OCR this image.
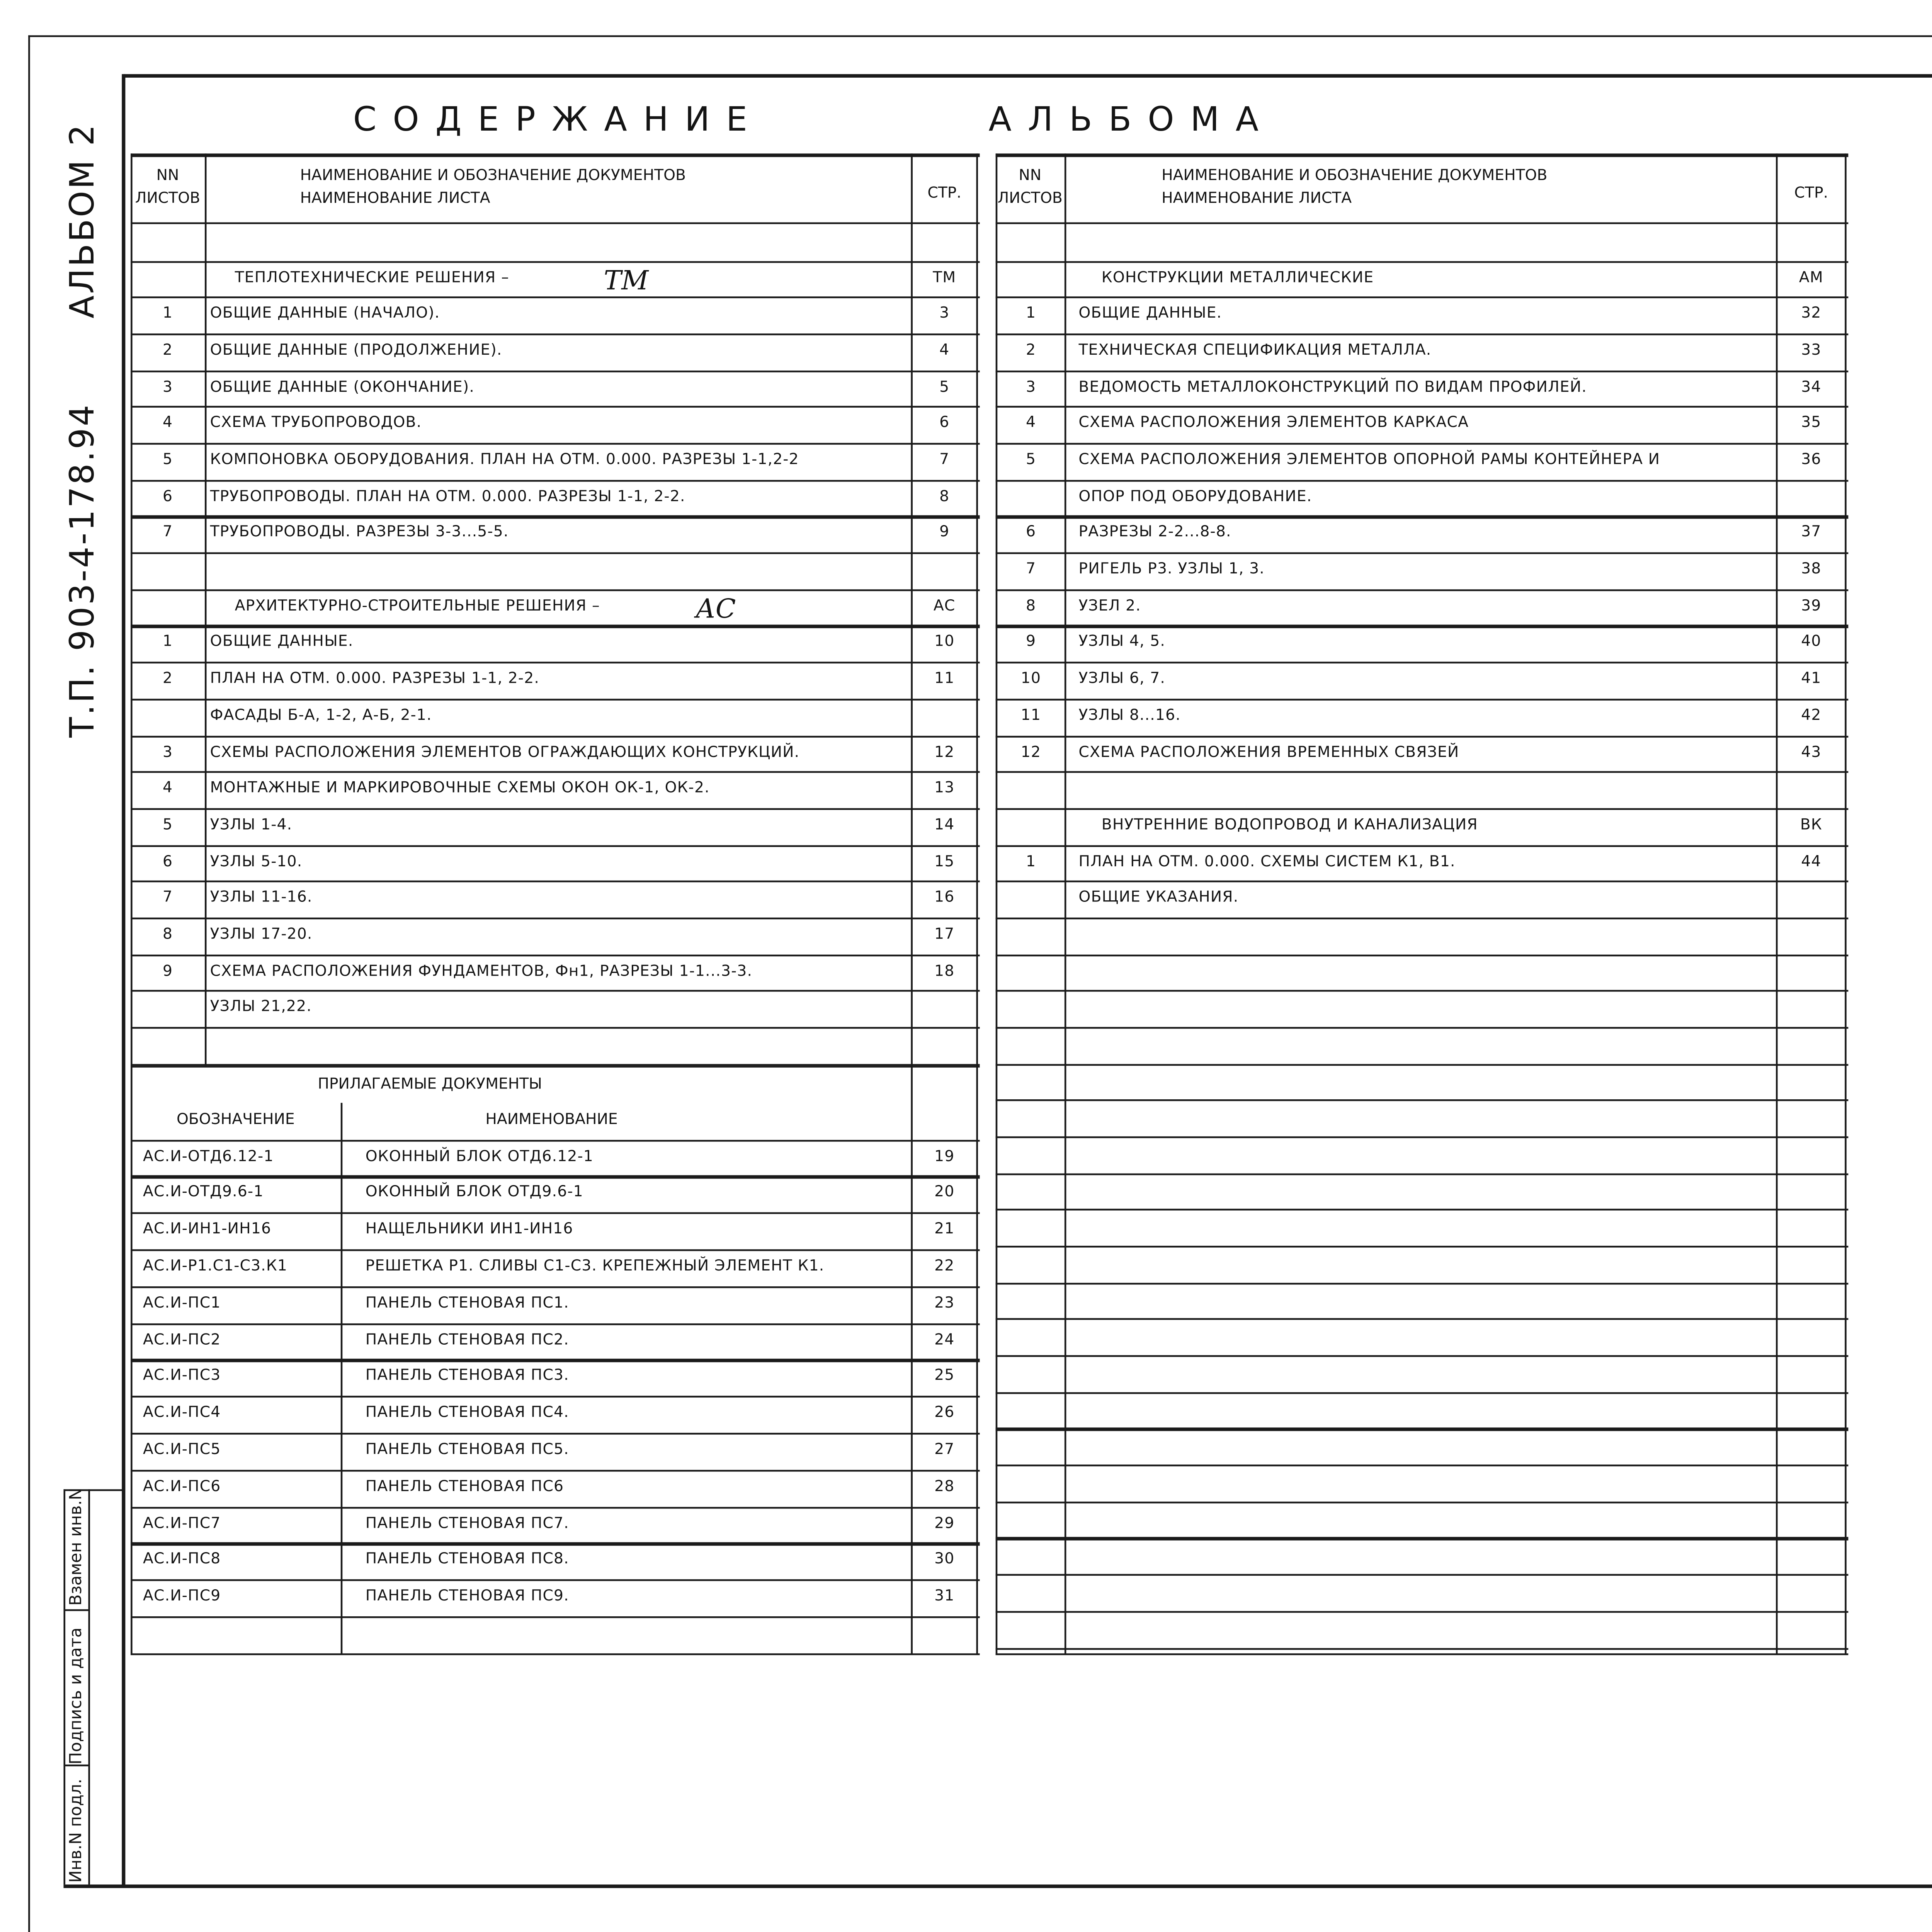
Т.П. 903-4-178.94АЛЬБОМ 2
Взамен инв.N
Подпись и дата
Инв.N подл.
СОДЕРЖАНИЕ	АЛЬБОМА
NN
ЛИСТОВ
НАИМЕНОВАНИЕ И ОБОЗНАЧЕНИЕ ДОКУМЕНТОВ
НАИМЕНОВАНИЕ ЛИСТА	СТР.
ТЕПЛОТЕХНИЧЕСКИЕ РЕШЕНИЯ –	ТМ
1	ОБЩИЕ ДАННЫЕ (НАЧАЛО).	3
2	ОБЩИЕ ДАННЫЕ (ПРОДОЛЖЕНИЕ).	4
3	ОБЩИЕ ДАННЫЕ (ОКОНЧАНИЕ).	5
4	СХЕМА ТРУБОПРОВОДОВ.	6
5	КОМПОНОВКА ОБОРУДОВАНИЯ. ПЛАН НА ОТМ. 0.000. РАЗРЕЗЫ 1-1,2-2	7
6	ТРУБОПРОВОДЫ. ПЛАН НА ОТМ. 0.000. РАЗРЕЗЫ 1-1, 2-2.	8
7	ТРУБОПРОВОДЫ. РАЗРЕЗЫ 3-3...5-5.	9
АРХИТЕКТУРНО-СТРОИТЕЛЬНЫЕ РЕШЕНИЯ –	АС
1	ОБЩИЕ ДАННЫЕ.	10
2	ПЛАН НА ОТМ. 0.000. РАЗРЕЗЫ 1-1, 2-2.	11
ФАСАДЫ Б-А, 1-2, А-Б, 2-1.
3	СХЕМЫ РАСПОЛОЖЕНИЯ ЭЛЕМЕНТОВ ОГРАЖДАЮЩИХ КОНСТРУКЦИЙ.	12
4	МОНТАЖНЫЕ И МАРКИРОВОЧНЫЕ СХЕМЫ ОКОН ОК-1, ОК-2.	13
5	УЗЛЫ 1-4.	14
6	УЗЛЫ 5-10.	15
7	УЗЛЫ 11-16.	16
8	УЗЛЫ 17-20.	17
9	СХЕМА РАСПОЛОЖЕНИЯ ФУНДАМЕНТОВ, Фн1, РАЗРЕЗЫ 1-1...3-3.	18
УЗЛЫ 21,22.
ПРИЛАГАЕМЫЕ ДОКУМЕНТЫ
ОБОЗНАЧЕНИЕ	НАИМЕНОВАНИЕ
АС.И-ОТД6.12-1	ОКОННЫЙ БЛОК ОТД6.12-1	19
АС.И-ОТД9.6-1	ОКОННЫЙ БЛОК ОТД9.6-1	20
АС.И-ИН1-ИН16	НАЩЕЛЬНИКИ ИН1-ИН16	21
АС.И-Р1.С1-С3.К1	РЕШЕТКА Р1. СЛИВЫ С1-С3. КРЕПЕЖНЫЙ ЭЛЕМЕНТ К1.	22
АС.И-ПС1	ПАНЕЛЬ СТЕНОВАЯ ПС1.	23
АС.И-ПС2	ПАНЕЛЬ СТЕНОВАЯ ПС2.	24
АС.И-ПС3	ПАНЕЛЬ СТЕНОВАЯ ПС3.	25
АС.И-ПС4	ПАНЕЛЬ СТЕНОВАЯ ПС4.	26
АС.И-ПС5	ПАНЕЛЬ СТЕНОВАЯ ПС5.	27
АС.И-ПС6	ПАНЕЛЬ СТЕНОВАЯ ПС6	28
АС.И-ПС7	ПАНЕЛЬ СТЕНОВАЯ ПС7.	29
АС.И-ПС8	ПАНЕЛЬ СТЕНОВАЯ ПС8.	30
АС.И-ПС9	ПАНЕЛЬ СТЕНОВАЯ ПС9.	31
NN
ЛИСТОВ
НАИМЕНОВАНИЕ И ОБОЗНАЧЕНИЕ ДОКУМЕНТОВ
НАИМЕНОВАНИЕ ЛИСТА	СТР.
КОНСТРУКЦИИ МЕТАЛЛИЧЕСКИЕ	АМ
1	ОБЩИЕ ДАННЫЕ.	32
2	ТЕХНИЧЕСКАЯ СПЕЦИФИКАЦИЯ МЕТАЛЛА.	33
3	ВЕДОМОСТЬ МЕТАЛЛОКОНСТРУКЦИЙ ПО ВИДАМ ПРОФИЛЕЙ.	34
4	СХЕМА РАСПОЛОЖЕНИЯ ЭЛЕМЕНТОВ КАРКАСА	35
5	СХЕМА РАСПОЛОЖЕНИЯ ЭЛЕМЕНТОВ ОПОРНОЙ РАМЫ КОНТЕЙНЕРА И	36
ОПОР ПОД ОБОРУДОВАНИЕ.
6	РАЗРЕЗЫ 2-2...8-8.	37
7	РИГЕЛЬ Р3. УЗЛЫ 1, 3.	38
8	УЗЕЛ 2.	39
9	УЗЛЫ 4, 5.	40
10	УЗЛЫ 6, 7.	41
11	УЗЛЫ 8...16.	42
12	СХЕМА РАСПОЛОЖЕНИЯ ВРЕМЕННЫХ СВЯЗЕЙ	43
ВНУТРЕННИЕ ВОДОПРОВОД И КАНАЛИЗАЦИЯ	ВК
1	ПЛАН НА ОТМ. 0.000. СХЕМЫ СИСТЕМ К1, В1.	44
ОБЩИЕ УКАЗАНИЯ.
ТМ
АС
